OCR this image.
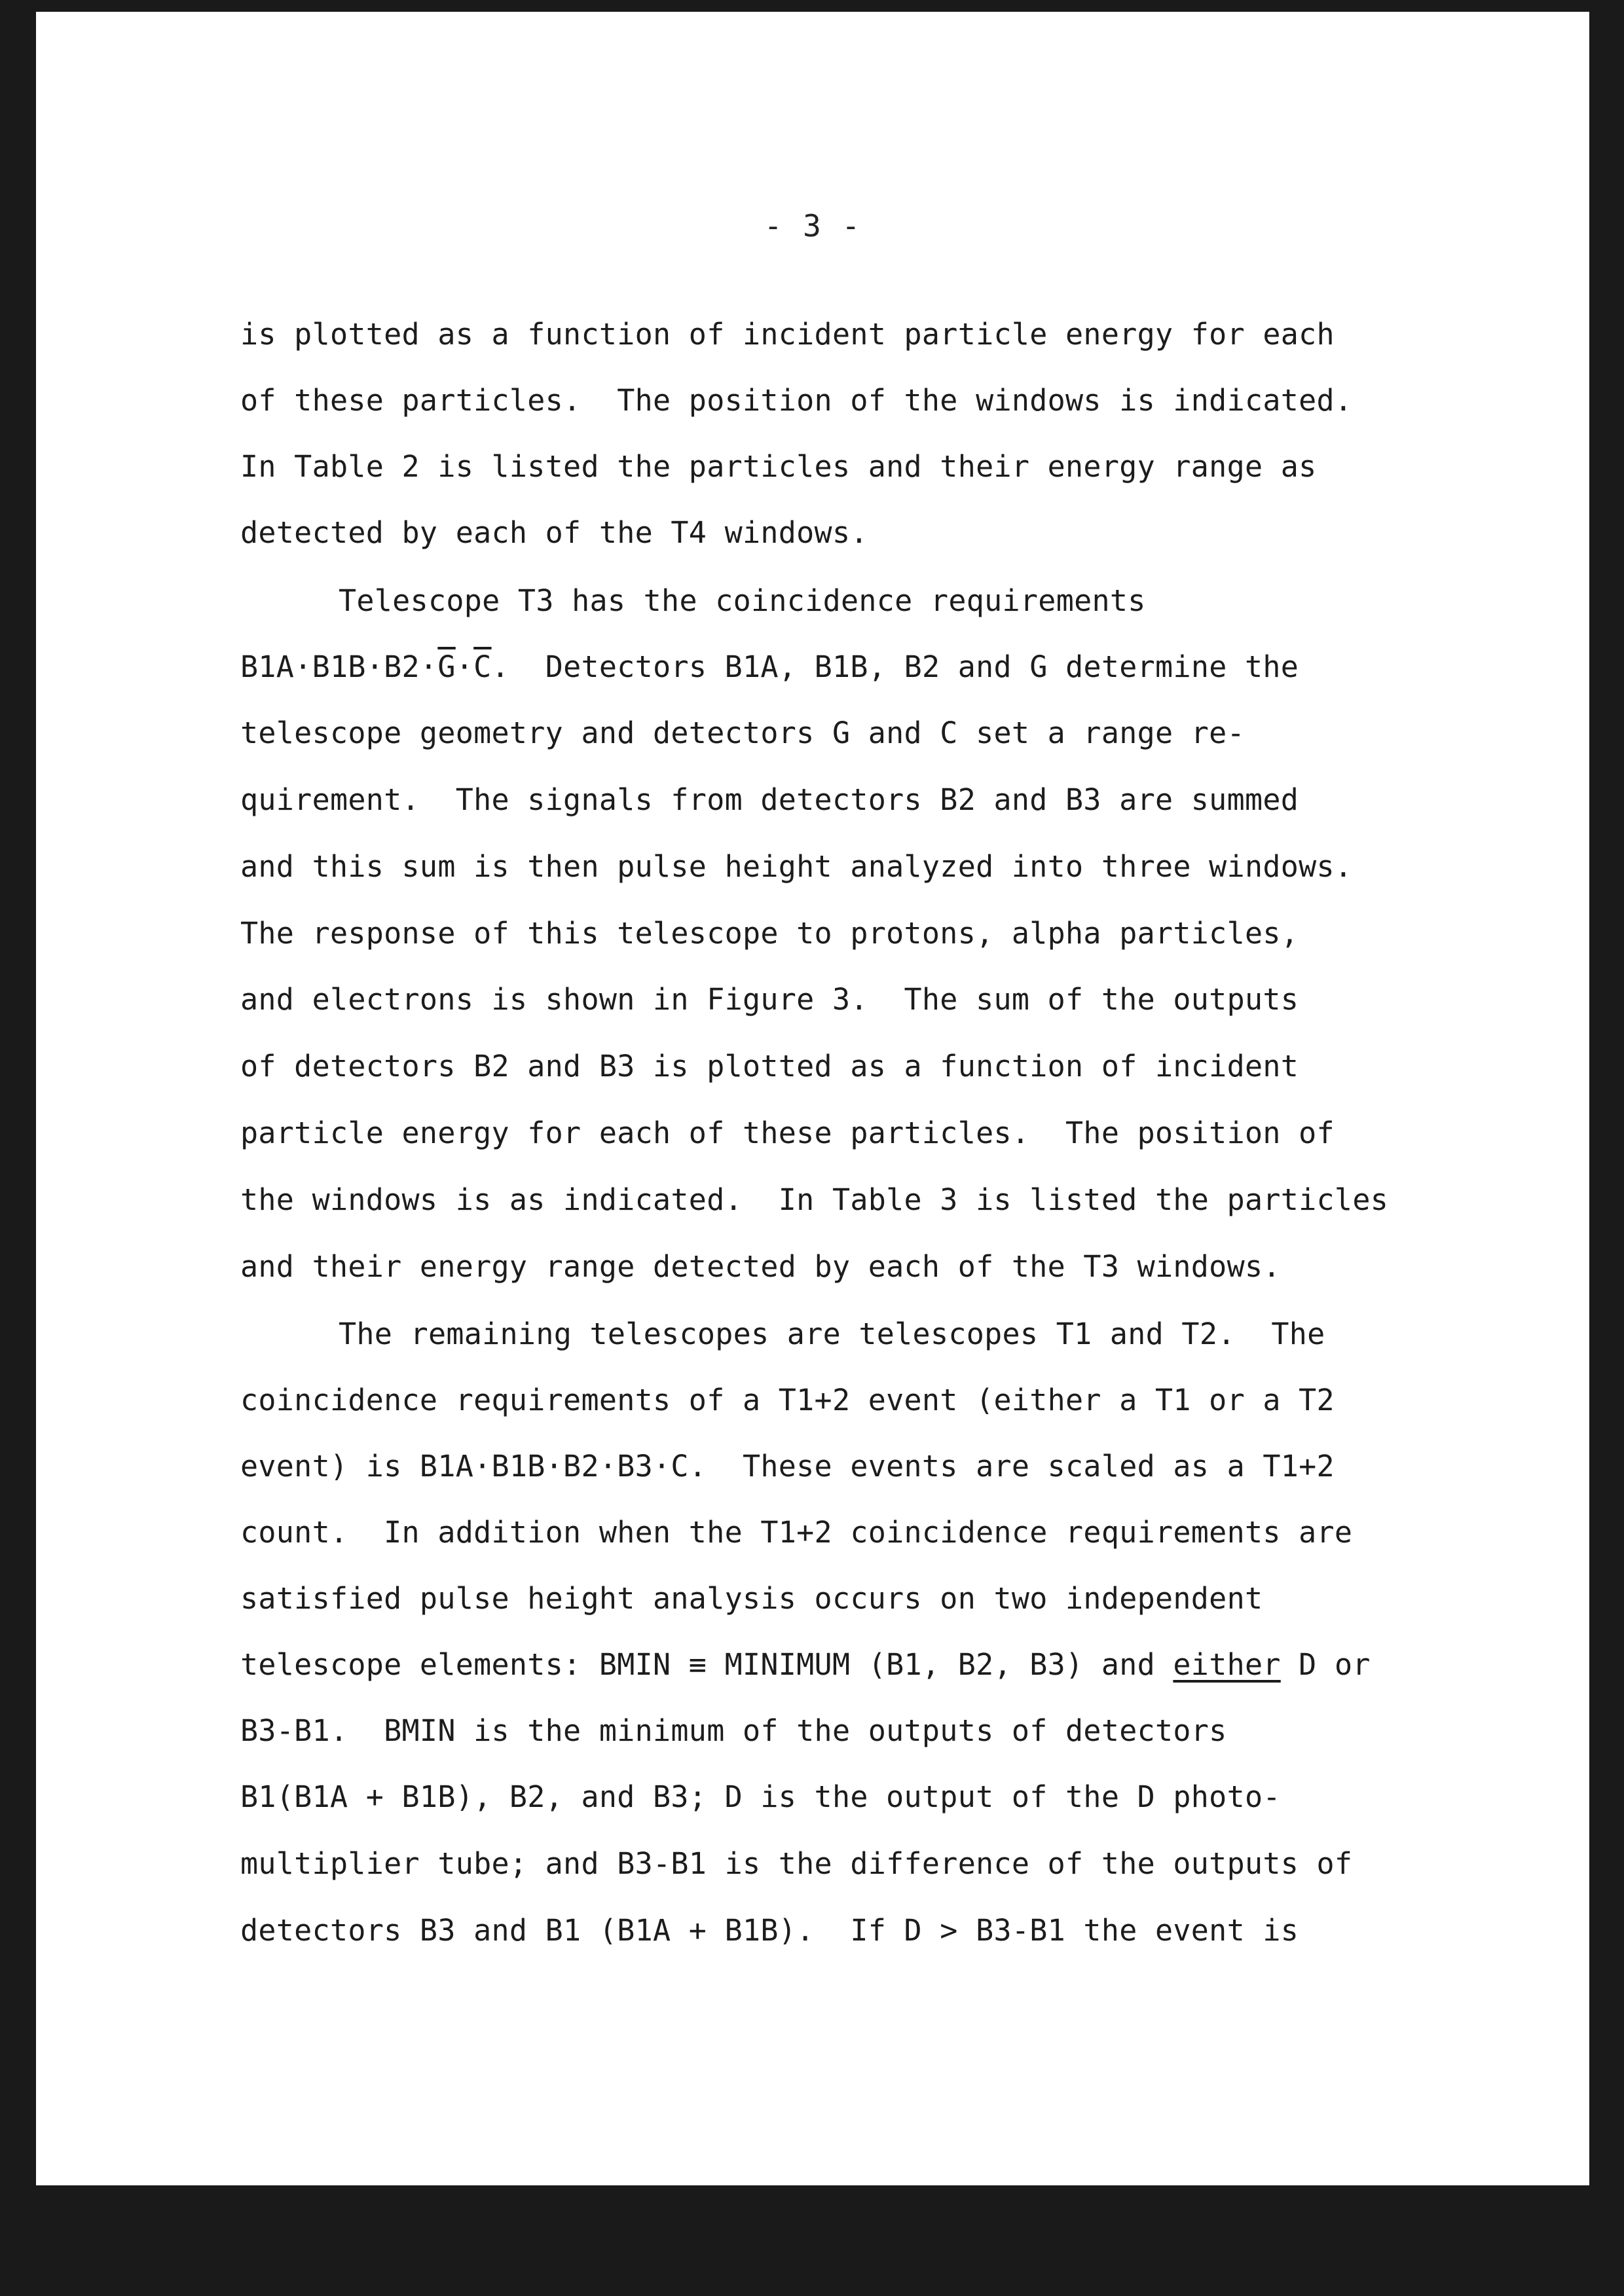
- 3 -
is plotted as a function of incident particle energy for each
of these particles.  The position of the windows is indicated.
In Table 2 is listed the particles and their energy range as
detected by each of the T4 windows.
Telescope T3 has the coincidence requirements
$B1A\cdot B1B\cdot B2\cdot\overline{G}\cdot\overline{C}$.  Detectors B1A, B1B, B2 and G determine the
telescope geometry and detectors G and C set a range re-
quirement.  The signals from detectors B2 and B3 are summed
and this sum is then pulse height analyzed into three windows.
The response of this telescope to protons, alpha particles,
and electrons is shown in Figure 3.  The sum of the outputs
of detectors B2 and B3 is plotted as a function of incident
particle energy for each of these particles.  The position of
the windows is as indicated.  In Table 3 is listed the particles
and their energy range detected by each of the T3 windows.
The remaining telescopes are telescopes T1 and T2.  The
coincidence requirements of a T1+2 event (either a T1 or a T2
event) is B1A·B1B·B2·B3·C.  These events are scaled as a T1+2
count.  In addition when the T1+2 coincidence requirements are
satisfied pulse height analysis occurs on two independent
telescope elements: BMIN ≡ MINIMUM (B1, B2, B3) and either D or
B3-B1.  BMIN is the minimum of the outputs of detectors
B1(B1A + B1B), B2, and B3; D is the output of the D photo-
multiplier tube; and B3-B1 is the difference of the outputs of
detectors B3 and B1 (B1A + B1B).  If D > B3-B1 the event is
